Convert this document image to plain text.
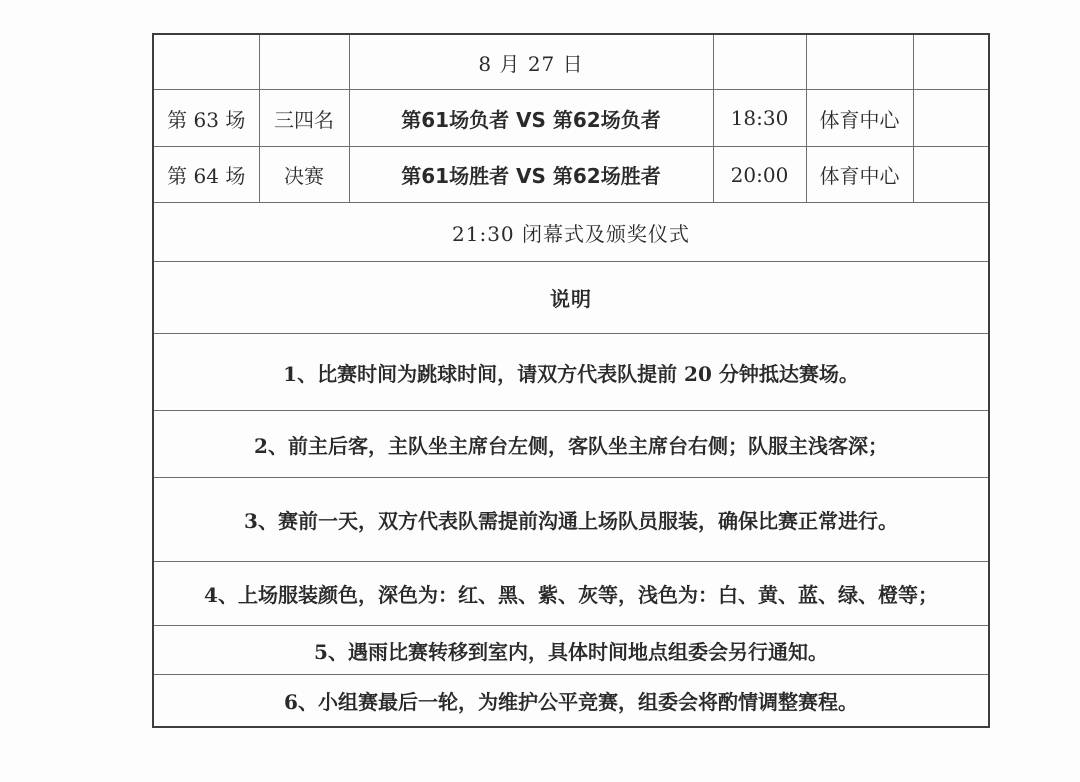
		8 月 27 日			
第 63 场	三四名	第61场负者 VS 第62场负者	18:30	体育中心	
第 64 场	决赛	第61场胜者 VS 第62场胜者	20:00	体育中心	
21:30 闭幕式及颁奖仪式					
说明					
1、比赛时间为跳球时间，请双方代表队提前 20 分钟抵达赛场。					
2、前主后客，主队坐主席台左侧，客队坐主席台右侧；队服主浅客深；					
3、赛前一天，双方代表队需提前沟通上场队员服装，确保比赛正常进行。					
4、上场服装颜色，深色为：红、黑、紫、灰等，浅色为：白、黄、蓝、绿、橙等；					
5、遇雨比赛转移到室内，具体时间地点组委会另行通知。					
6、小组赛最后一轮，为维护公平竞赛，组委会将酌情调整赛程。					
